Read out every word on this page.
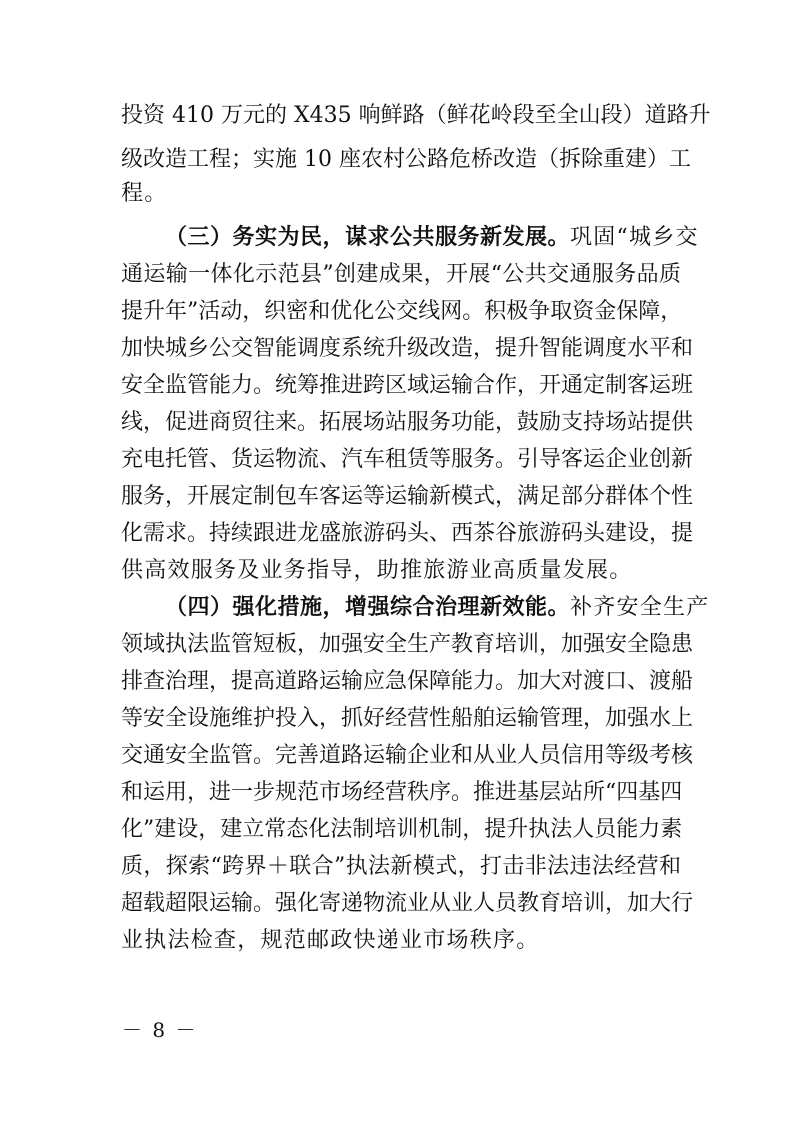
投资 410 万元的 X435 响鲜路（鲜花岭段至全山段）道路升
级改造工程；实施 10 座农村公路危桥改造（拆除重建）工
程。
（三）务实为民，谋求公共服务新发展。巩固“城乡交
通运输一体化示范县”创建成果，开展“公共交通服务品质
提升年”活动，织密和优化公交线网。积极争取资金保障，
加快城乡公交智能调度系统升级改造，提升智能调度水平和
安全监管能力。统筹推进跨区域运输合作，开通定制客运班
线，促进商贸往来。拓展场站服务功能，鼓励支持场站提供
充电托管、货运物流、汽车租赁等服务。引导客运企业创新
服务，开展定制包车客运等运输新模式，满足部分群体个性
化需求。持续跟进龙盛旅游码头、西茶谷旅游码头建设，提
供高效服务及业务指导，助推旅游业高质量发展。
（四）强化措施，增强综合治理新效能。补齐安全生产
领域执法监管短板，加强安全生产教育培训，加强安全隐患
排查治理，提高道路运输应急保障能力。加大对渡口、渡船
等安全设施维护投入，抓好经营性船舶运输管理，加强水上
交通安全监管。完善道路运输企业和从业人员信用等级考核
和运用，进一步规范市场经营秩序。推进基层站所“四基四
化”建设，建立常态化法制培训机制，提升执法人员能力素
质，探索“跨界＋联合”执法新模式，打击非法违法经营和
超载超限运输。强化寄递物流业从业人员教育培训，加大行
业执法检查，规范邮政快递业市场秩序。
－ 8 －
